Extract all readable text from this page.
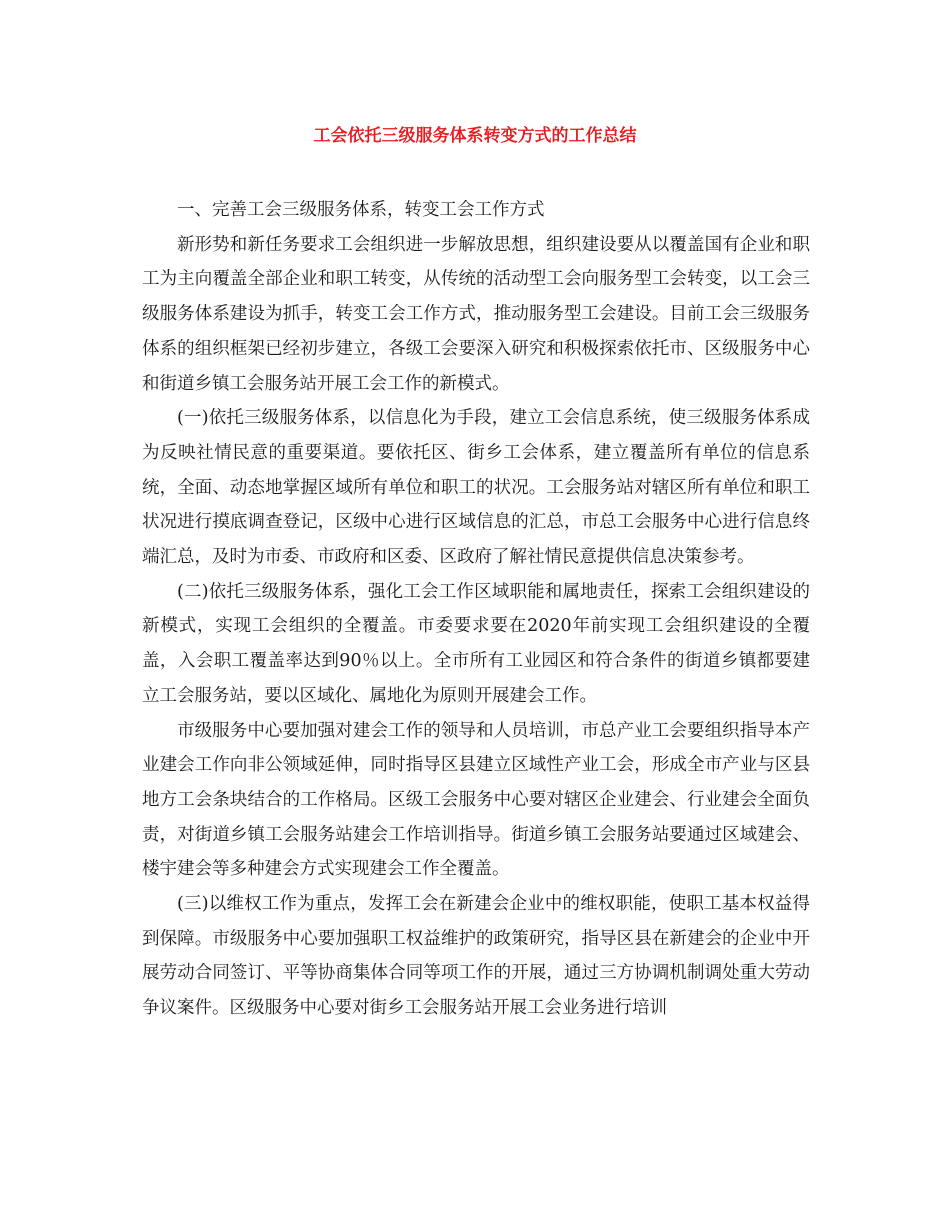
工会依托三级服务体系转变方式的工作总结

一、完善工会三级服务体系，转变工会工作方式

新形势和新任务要求工会组织进一步解放思想，组织建设要从以覆盖国有企业和职工为主向覆盖全部企业和职工转变，从传统的活动型工会向服务型工会转变，以工会三级服务体系建设为抓手，转变工会工作方式，推动服务型工会建设。目前工会三级服务体系的组织框架已经初步建立，各级工会要深入研究和积极探索依托市、区级服务中心和街道乡镇工会服务站开展工会工作的新模式。

(一)依托三级服务体系，以信息化为手段，建立工会信息系统，使三级服务体系成为反映社情民意的重要渠道。要依托区、街乡工会体系，建立覆盖所有单位的信息系统，全面、动态地掌握区域所有单位和职工的状况。工会服务站对辖区所有单位和职工状况进行摸底调查登记，区级中心进行区域信息的汇总，市总工会服务中心进行信息终端汇总，及时为市委、市政府和区委、区政府了解社情民意提供信息决策参考。

(二)依托三级服务体系，强化工会工作区域职能和属地责任，探索工会组织建设的新模式，实现工会组织的全覆盖。市委要求要在2020年前实现工会组织建设的全覆盖，入会职工覆盖率达到90％以上。全市所有工业园区和符合条件的街道乡镇都要建立工会服务站，要以区域化、属地化为原则开展建会工作。

市级服务中心要加强对建会工作的领导和人员培训，市总产业工会要组织指导本产业建会工作向非公领域延伸，同时指导区县建立区域性产业工会，形成全市产业与区县地方工会条块结合的工作格局。区级工会服务中心要对辖区企业建会、行业建会全面负责，对街道乡镇工会服务站建会工作培训指导。街道乡镇工会服务站要通过区域建会、楼宇建会等多种建会方式实现建会工作全覆盖。

(三)以维权工作为重点，发挥工会在新建会企业中的维权职能，使职工基本权益得到保障。市级服务中心要加强职工权益维护的政策研究，指导区县在新建会的企业中开展劳动合同签订、平等协商集体合同等项工作的开展，通过三方协调机制调处重大劳动争议案件。区级服务中心要对街乡工会服务站开展工会业务进行培训
